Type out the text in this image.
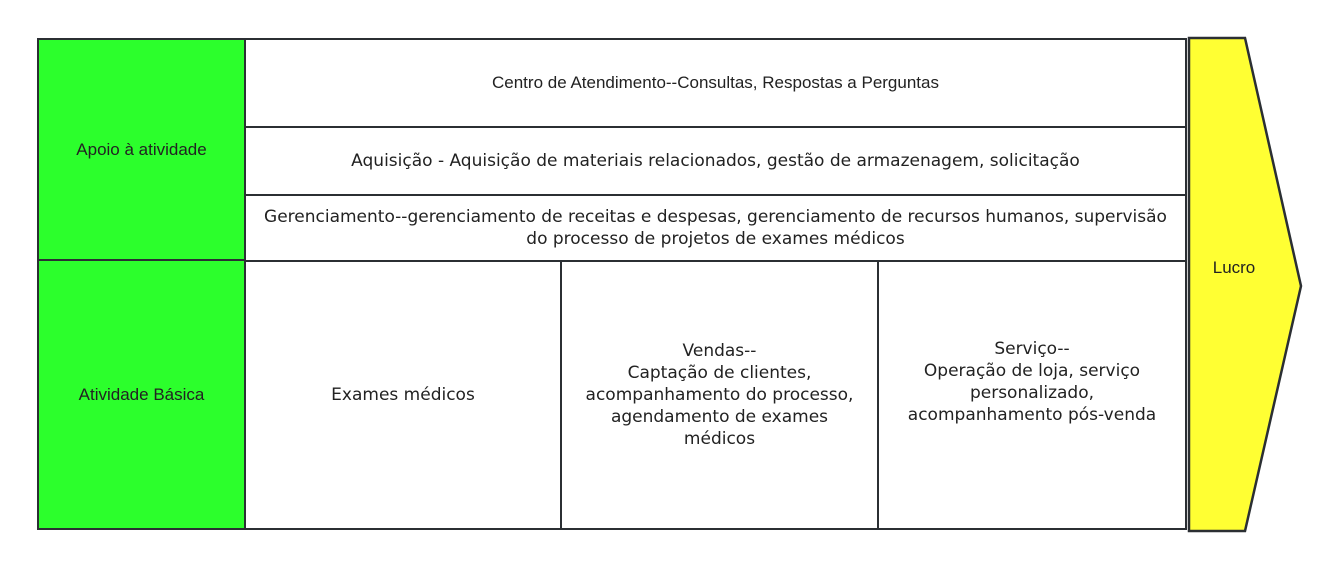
Apoio à atividade
Atividade Básica
Centro de Atendimento--Consultas, Respostas a Perguntas
Aquisição - Aquisição de materiais relacionados, gestão de armazenagem, solicitação
Gerenciamento--gerenciamento de receitas e despesas, gerenciamento de recursos humanos, supervisão
do processo de projetos de exames médicos
Exames médicos
Vendas--
Captação de clientes,
acompanhamento do processo,
agendamento de exames
médicos
Serviço--
Operação de loja, serviço
personalizado,
acompanhamento pós-venda
Lucro
